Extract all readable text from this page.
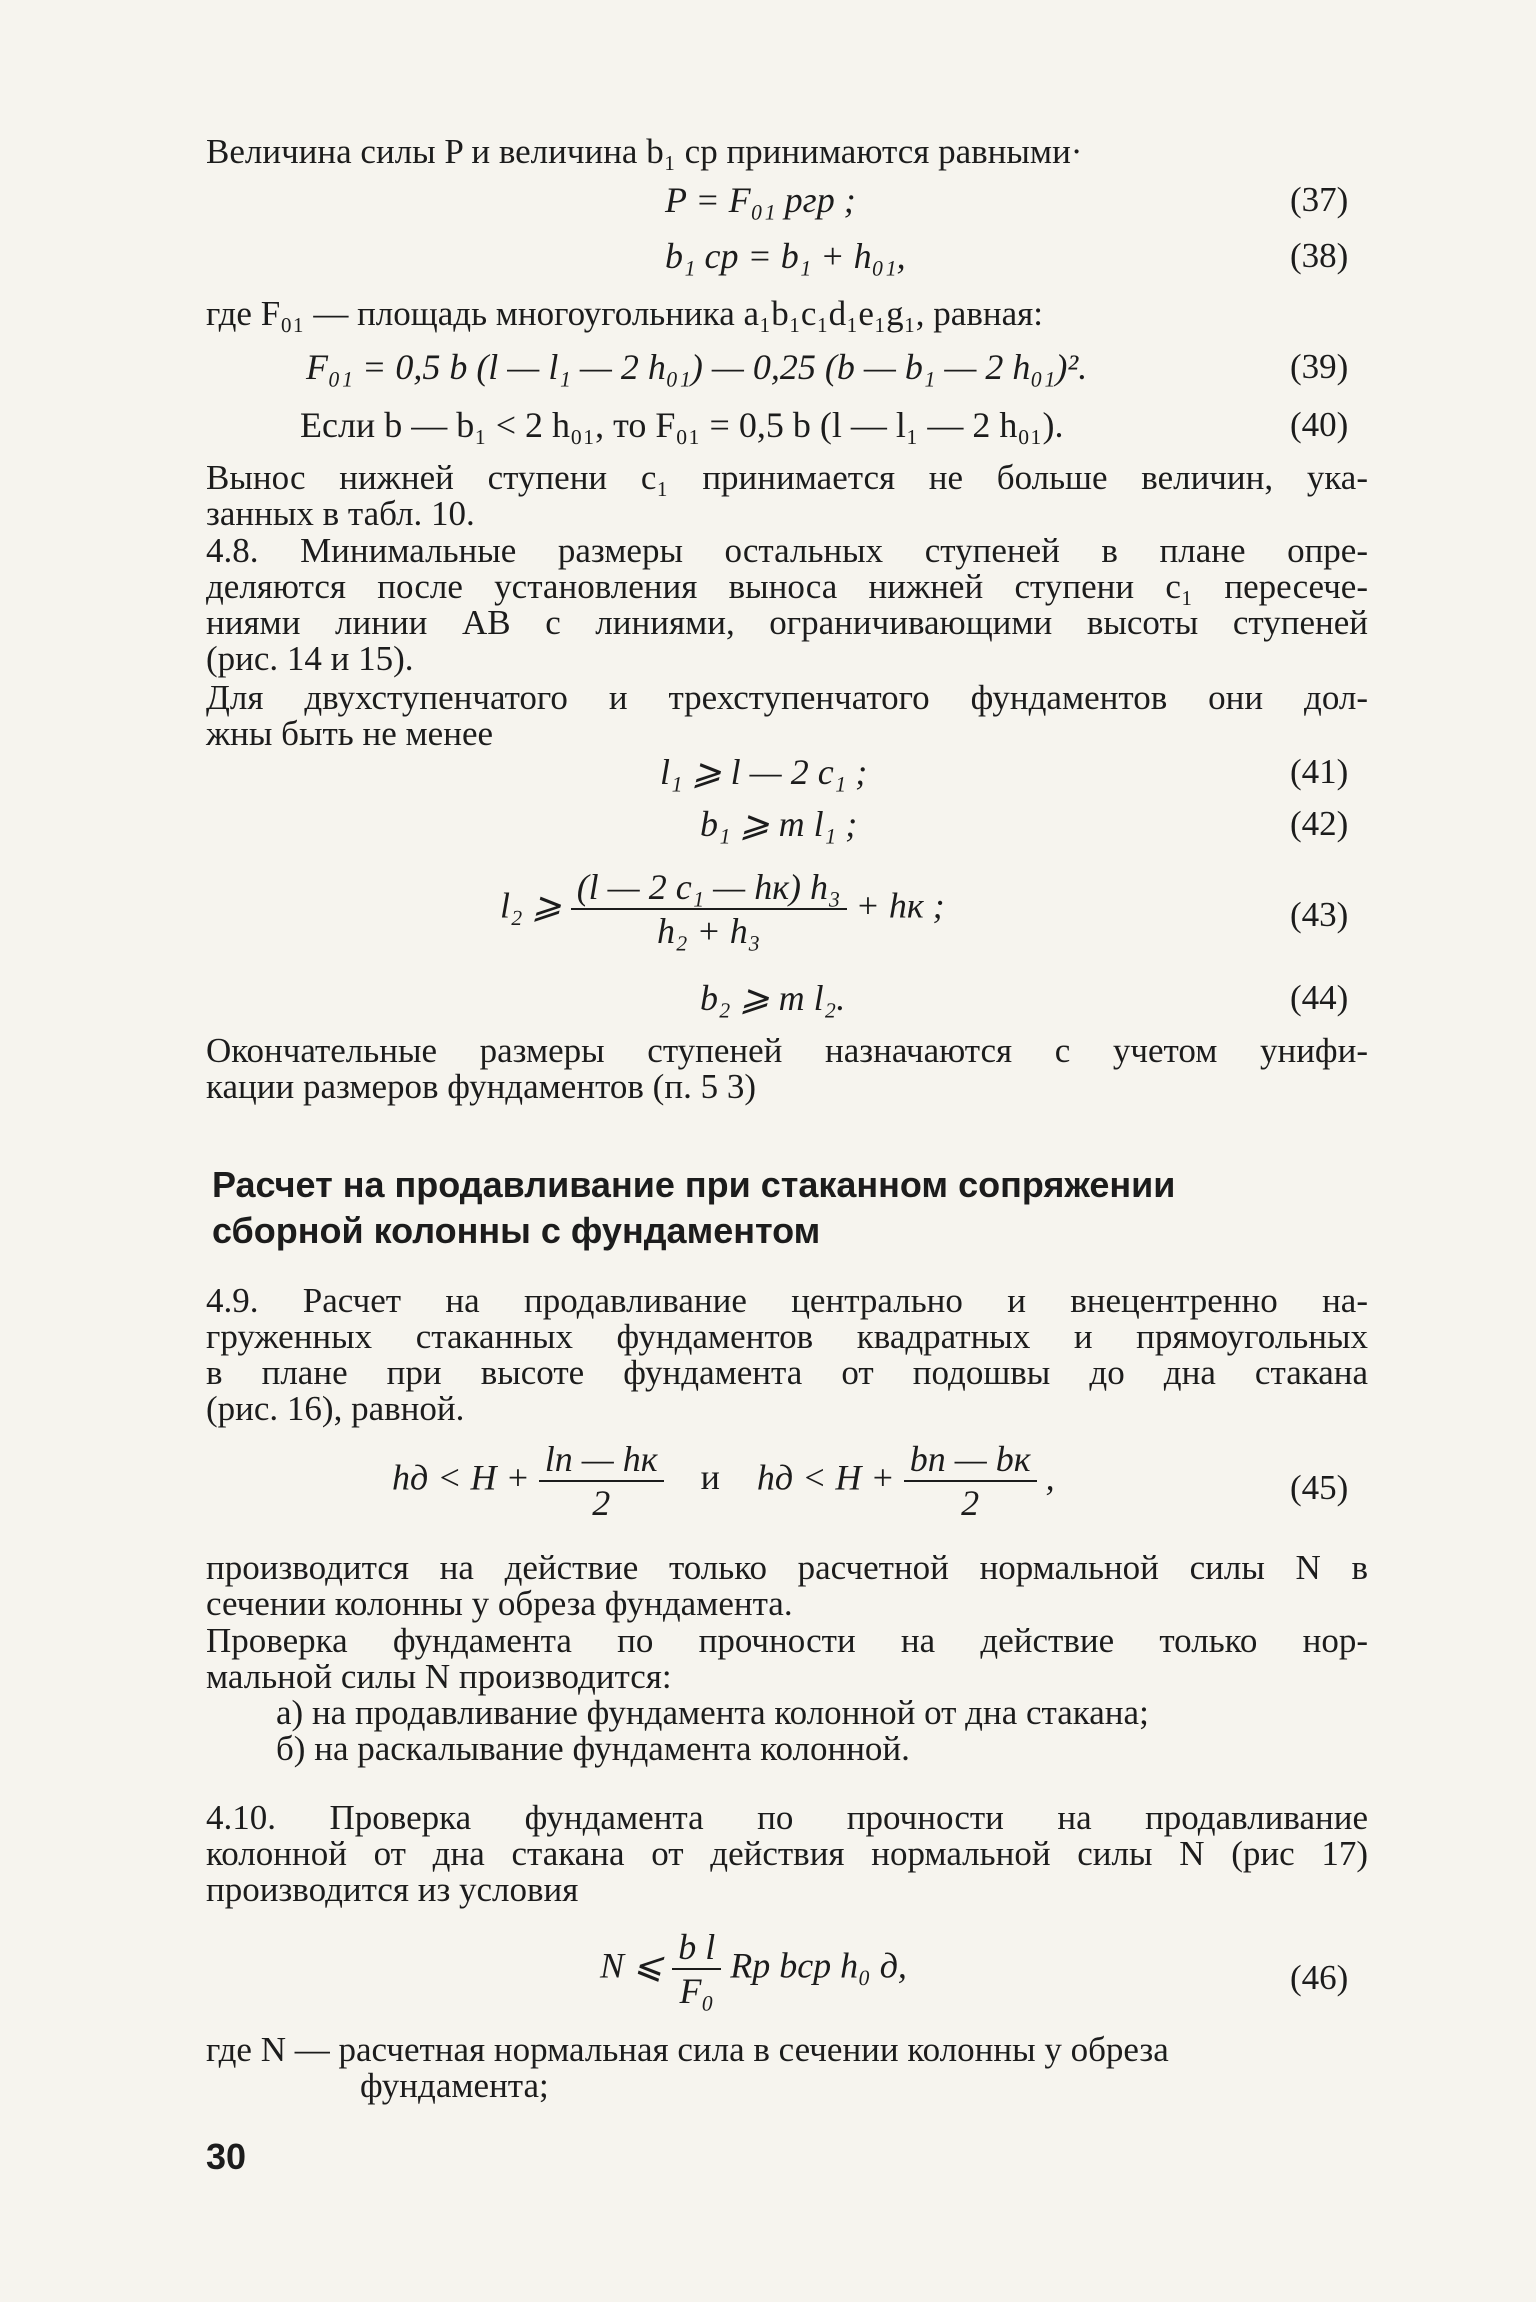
Величина силы P и величина b₁ ср принимаются равными·
P = F₀₁ pгр ;	(37)
b₁ ср = b₁ + h₀₁,	(38)
где F₀₁ — площадь многоугольника a₁b₁c₁d₁e₁g₁, равная:
F₀₁ = 0,5 b (l — l₁ — 2 h₀₁) — 0,25 (b — b₁ — 2 h₀₁)².	(39)
Если b — b₁ < 2 h₀₁, то F₀₁ = 0,5 b (l — l₁ — 2 h₀₁).	(40)
Вынос нижней ступени c₁ принимается не больше величин, ука-
занных в табл. 10.
4.8. Минимальные размеры остальных ступеней в плане опре-
деляются после установления выноса нижней ступени c₁ пересече-
ниями линии AB с линиями, ограничивающими высоты ступеней
(рис. 14 и 15).
Для двухступенчатого и трехступенчатого фундаментов они дол-
жны быть не менее
l₁ ⩾ l — 2 c₁ ;	(41)
b₁ ⩾ m l₁ ;	(42)
l₂ ⩾ $\frac{\text{(l — 2 c₁ — hк) h₃}}{\text{h₂ + h₃}}$ + hк ;	(43)
b₂ ⩾ m l₂.	(44)
Окончательные размеры ступеней назначаются с учетом унифи-
кации размеров фундаментов (п. 5 3)
Расчет на продавливание при стаканном сопряжении
сборной колонны с фундаментом
4.9. Расчет на продавливание центрально и внецентренно на-
груженных стаканных фундаментов квадратных и прямоугольных
в плане при высоте фундамента от подошвы до дна стакана
(рис. 16), равной.
hд < $H + \frac{lп — hк}{2}$ и hд < $H + \frac{bп — bк}{2}$ ,	(45)
производится на действие только расчетной нормальной силы N в
сечении колонны у обреза фундамента.
Проверка фундамента по прочности на действие только нор-
мальной силы N производится:
а) на продавливание фундамента колонной от дна стакана;
б) на раскалывание фундамента колонной.
4.10. Проверка фундамента по прочности на продавливание
колонной от дна стакана от действия нормальной силы N (рис 17)
производится из условия
N ⩽ $\frac{\text{b l}}{\text{F₀}}$ Rр bср h₀ д,	(46)
где N — расчетная нормальная сила в сечении колонны у обреза
фундамента;
30
